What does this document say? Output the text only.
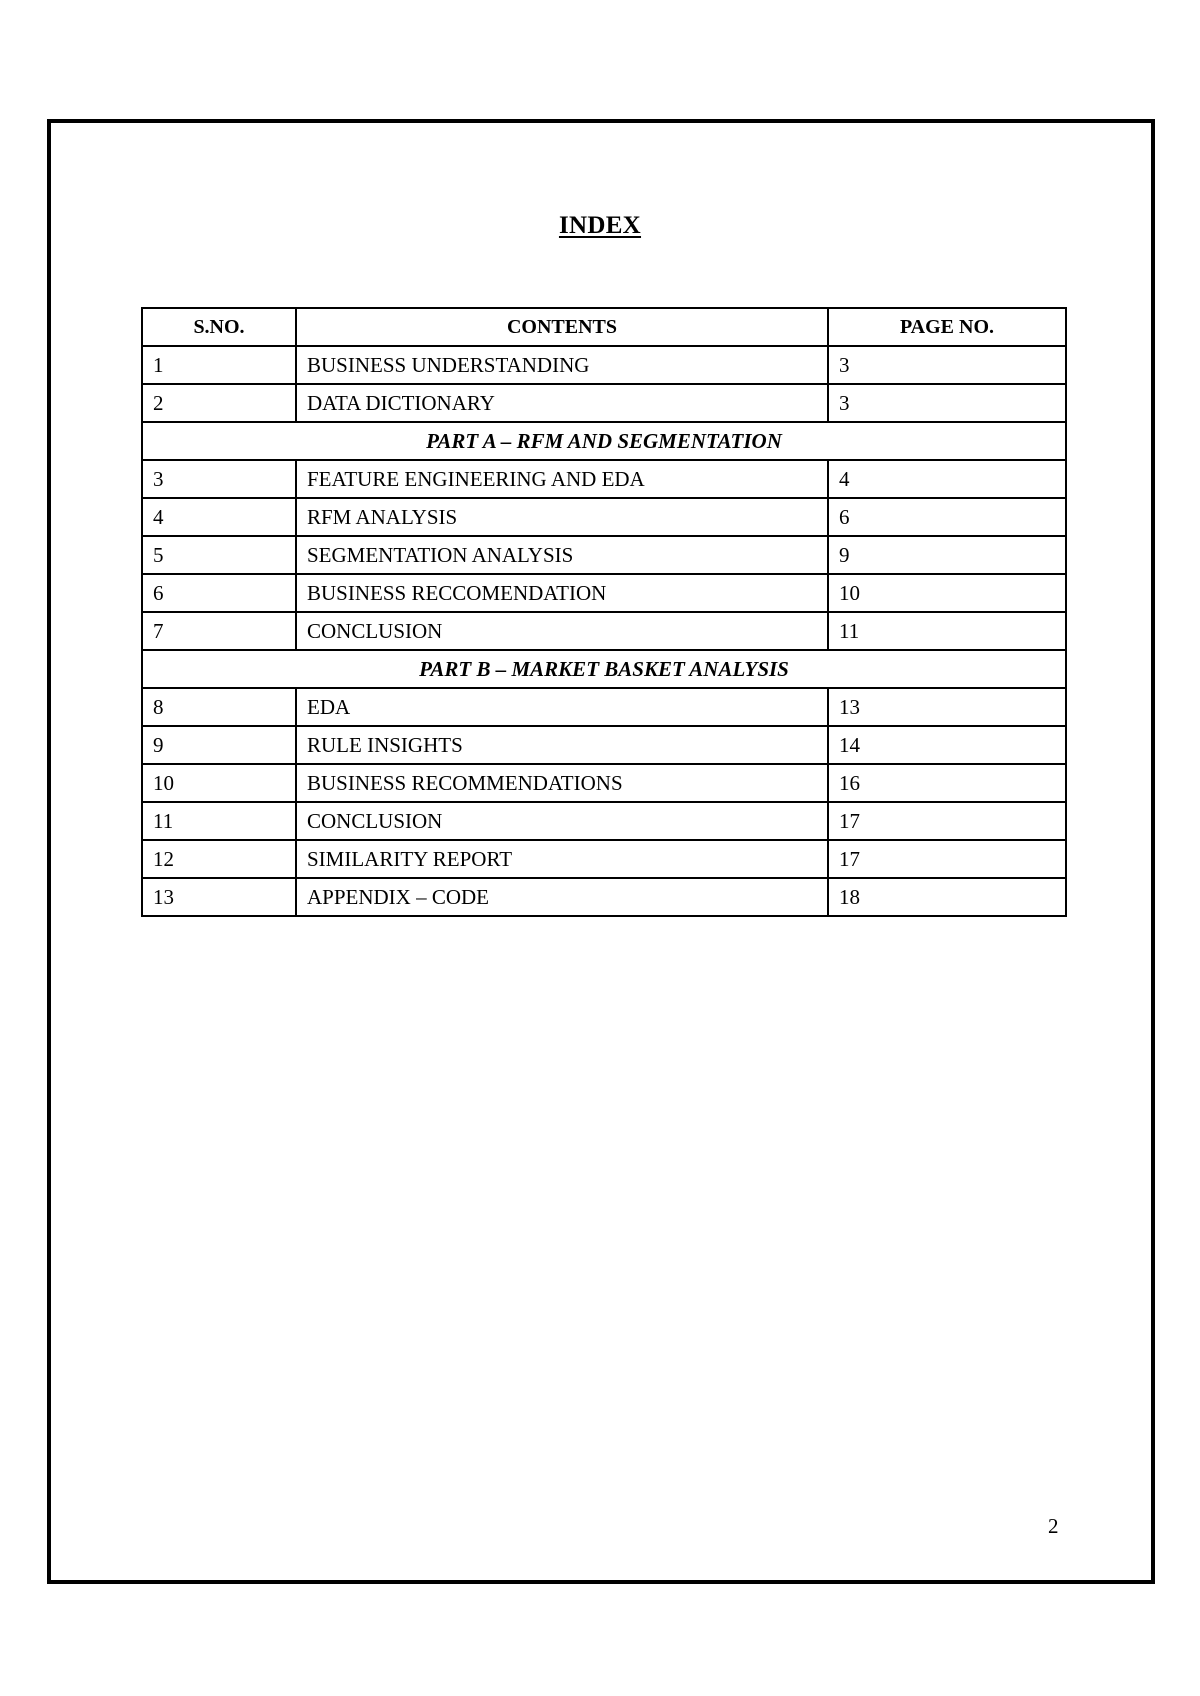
INDEX
S.NO.	CONTENTS	PAGE NO.
1	BUSINESS UNDERSTANDING	3
2	DATA DICTIONARY	3
PART A – RFM AND SEGMENTATION		
3	FEATURE ENGINEERING AND EDA	4
4	RFM ANALYSIS	6
5	SEGMENTATION ANALYSIS	9
6	BUSINESS RECCOMENDATION	10
7	CONCLUSION	11
PART B – MARKET BASKET ANALYSIS		
8	EDA	13
9	RULE INSIGHTS	14
10	BUSINESS RECOMMENDATIONS	16
11	CONCLUSION	17
12	SIMILARITY REPORT	17
13	APPENDIX – CODE	18
2
